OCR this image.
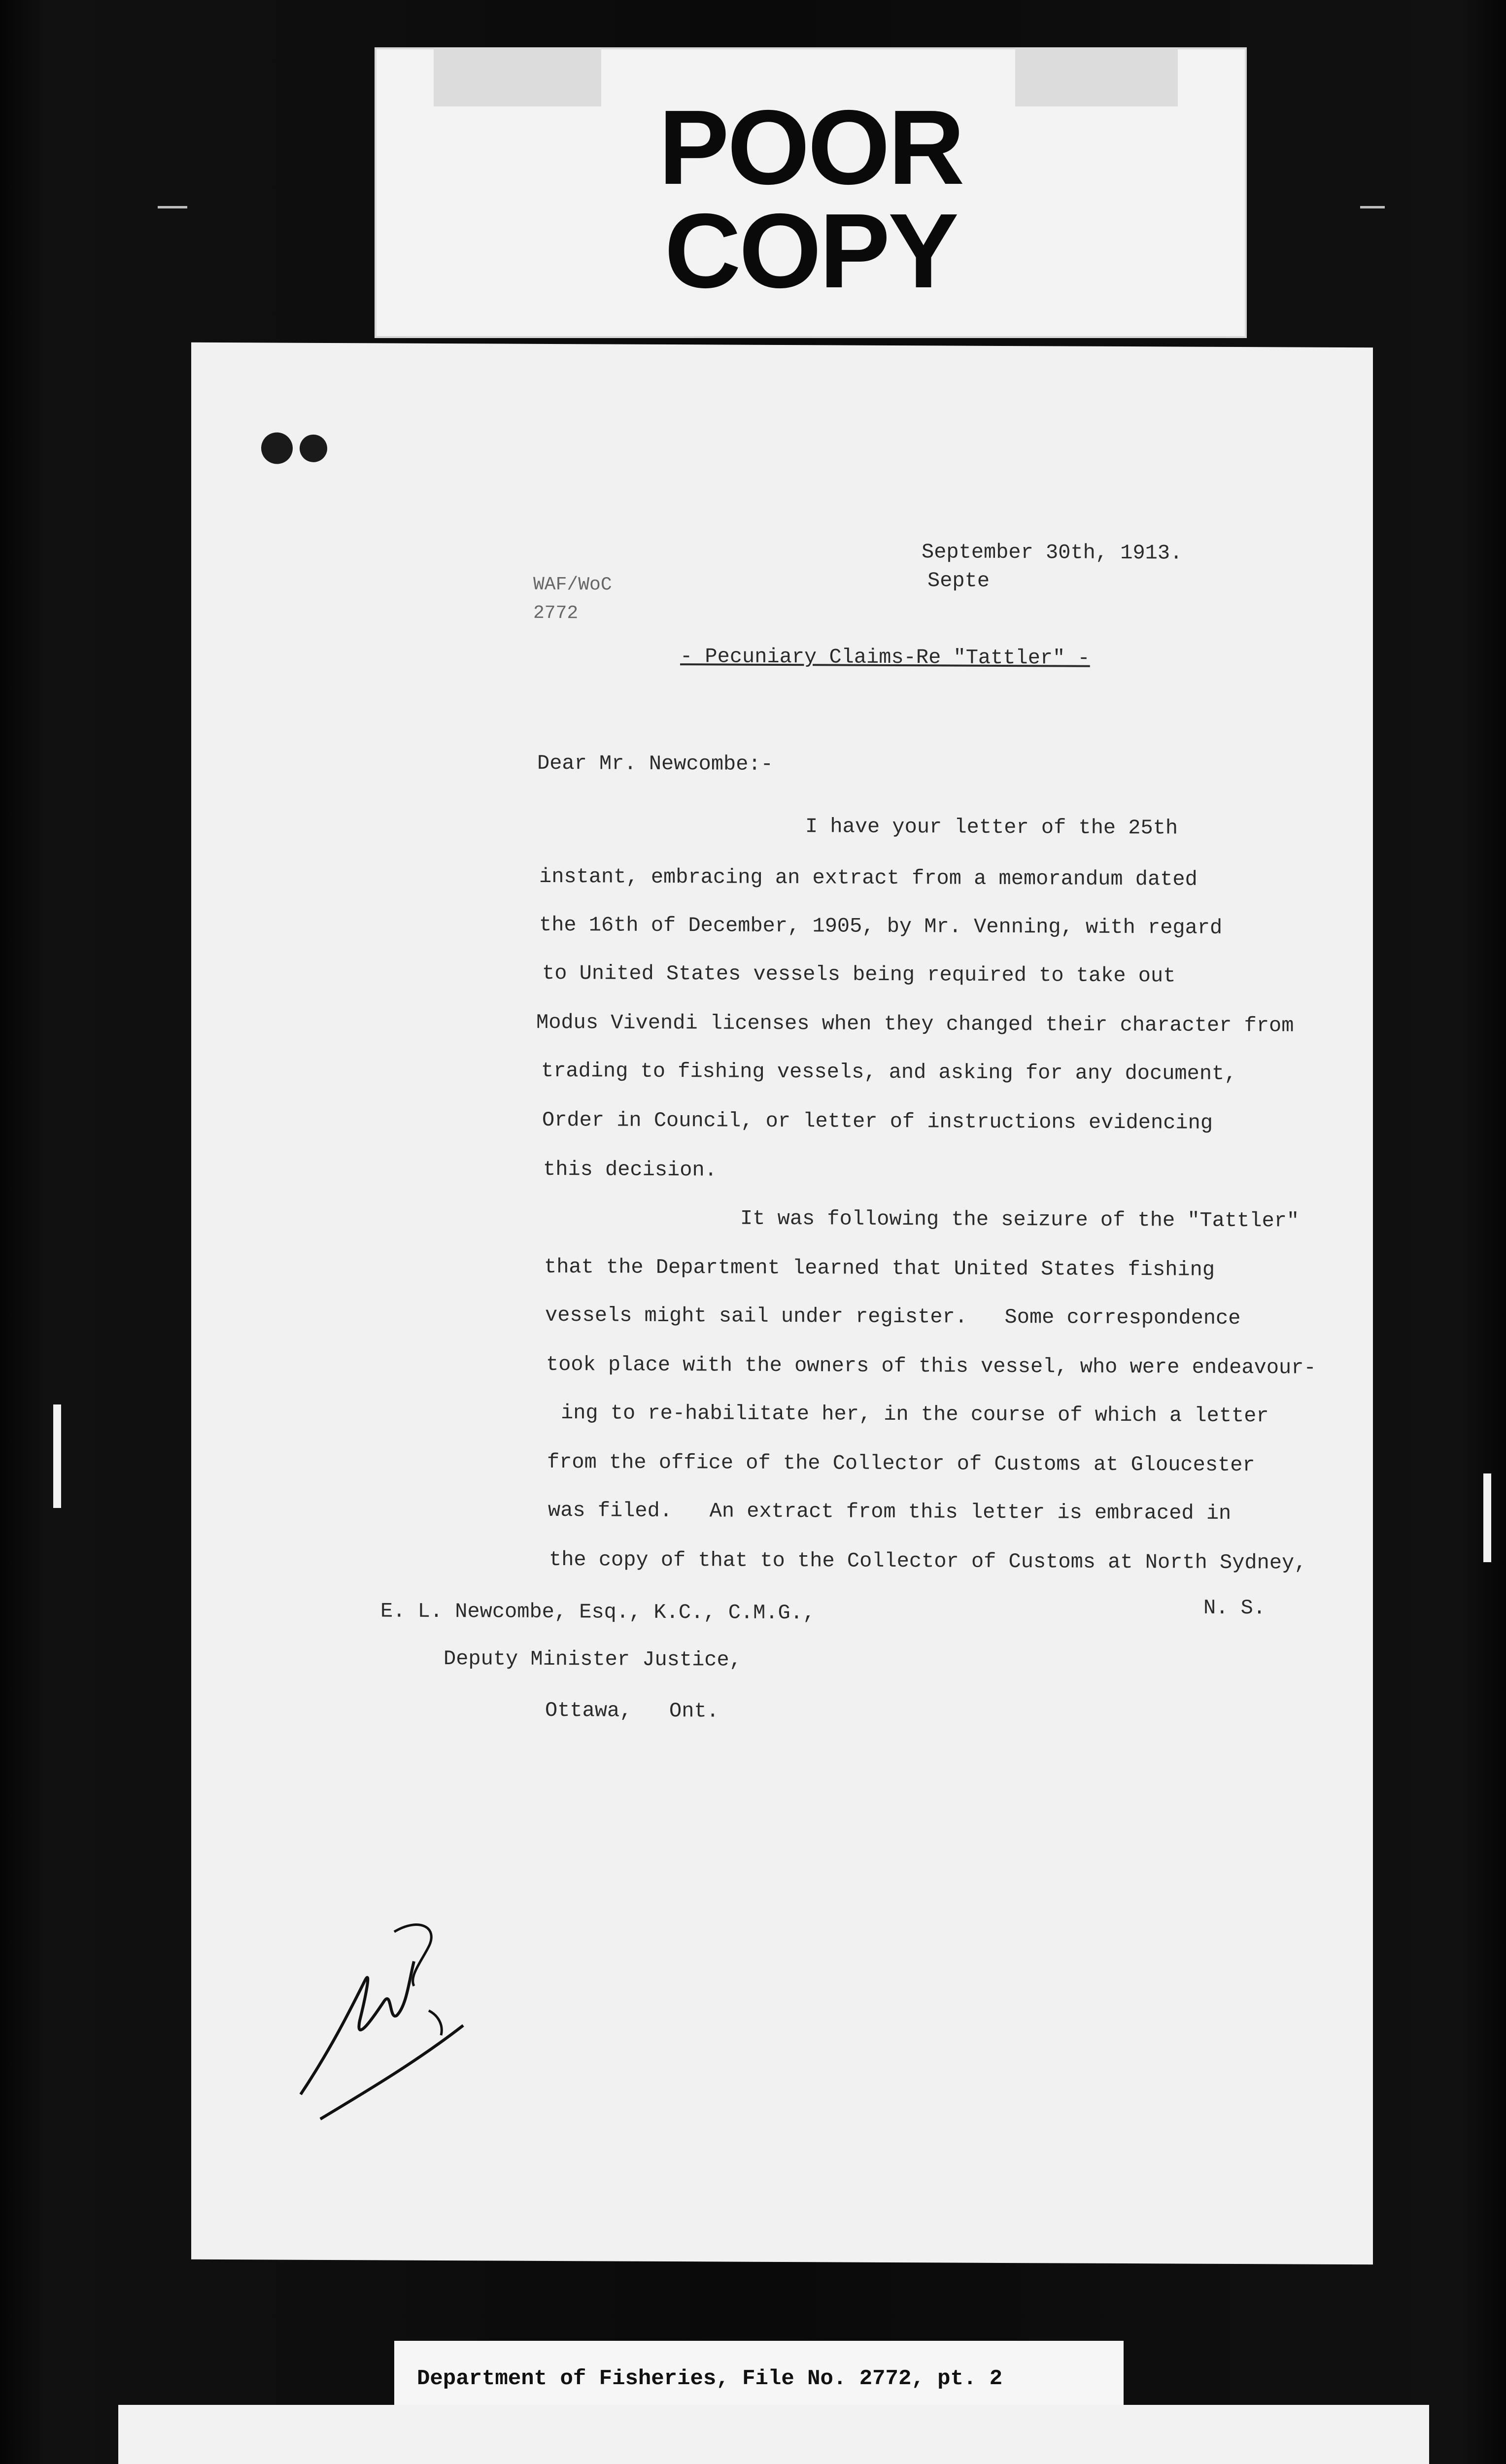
POOR
COPY
September 30th, 1913.
Septe
WAF/WoC
2772
- Pecuniary Claims-Re "Tattler" -
Dear Mr. Newcombe:-
I have your letter of the 25th
instant, embracing an extract from a memorandum dated
the 16th of December, 1905, by Mr. Venning, with regard
to United States vessels being required to take out
Modus Vivendi licenses when they changed their character from
trading to fishing vessels, and asking for any document,
Order in Council, or letter of instructions evidencing
this decision.
It was following the seizure of the "Tattler"
that the Department learned that United States fishing
vessels might sail under register.   Some correspondence
took place with the owners of this vessel, who were endeavour-
ing to re-habilitate her, in the course of which a letter
from the office of the Collector of Customs at Gloucester
was filed.   An extract from this letter is embraced in
the copy of that to the Collector of Customs at North Sydney,
E. L. Newcombe, Esq., K.C., C.M.G.,	N. S.
Deputy Minister Justice,
Ottawa,   Ont.
Department of Fisheries, File No. 2772, pt. 2
